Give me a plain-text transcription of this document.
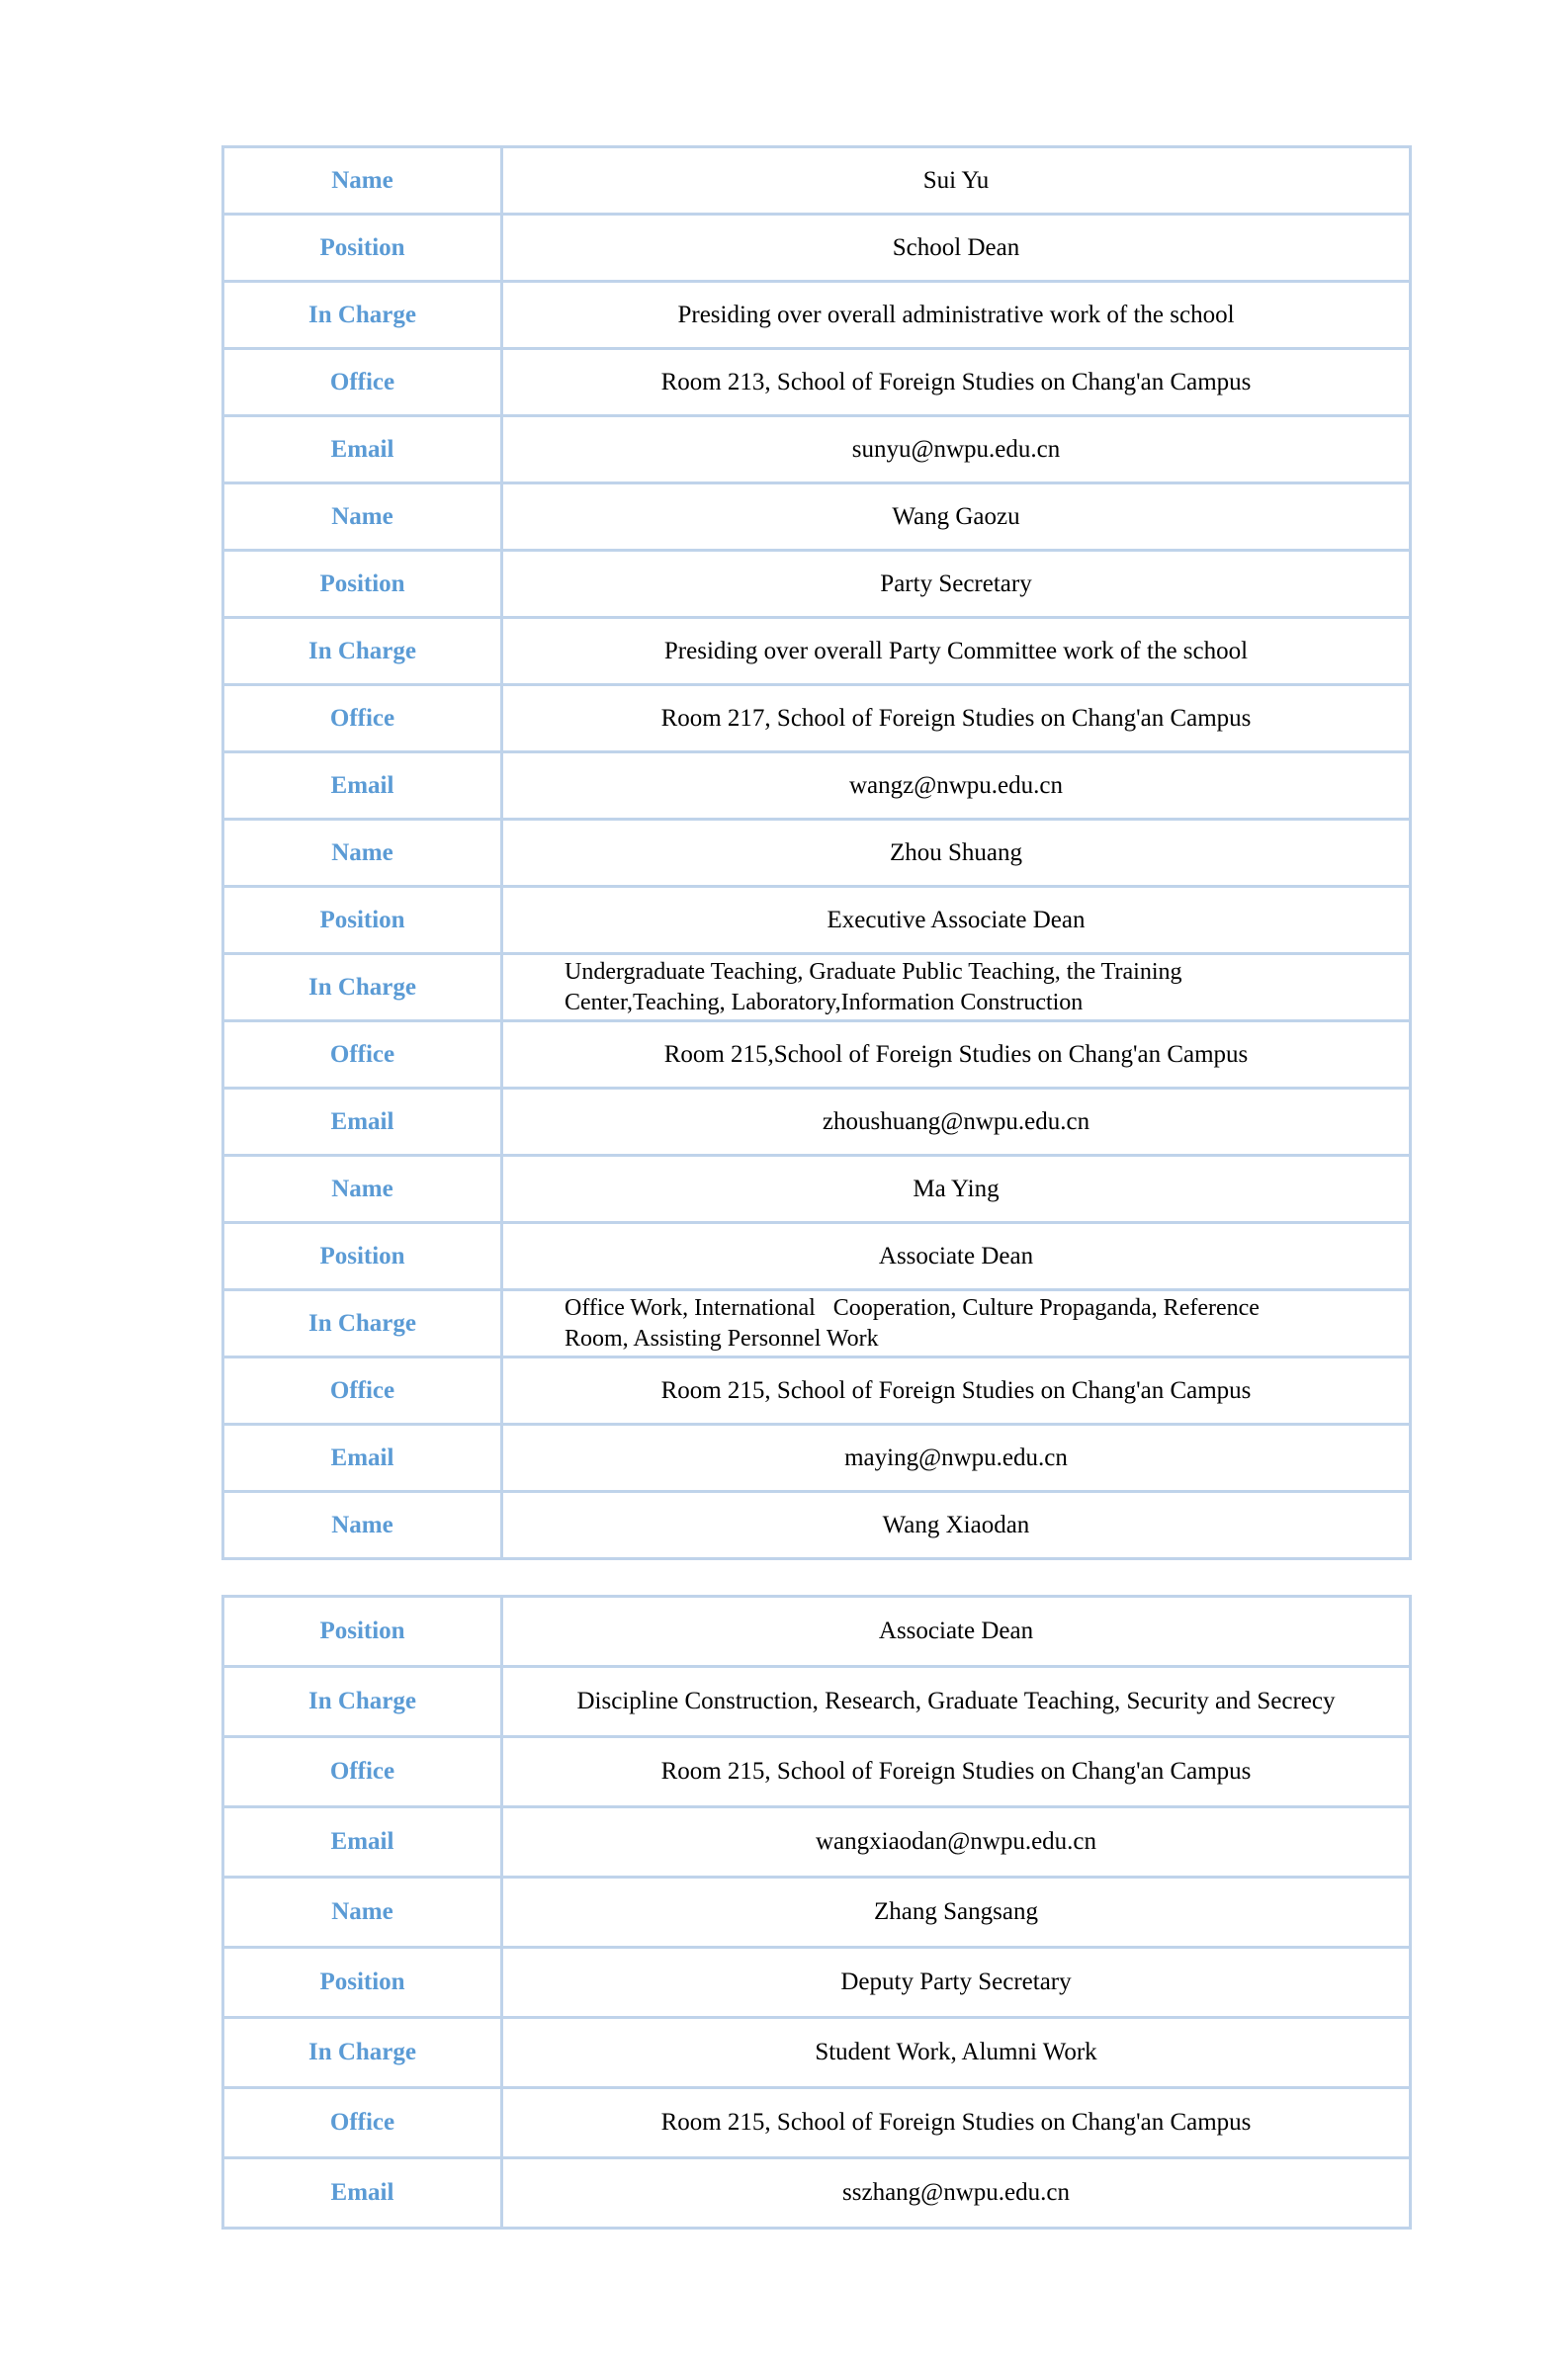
Name	Sui Yu
Position	School Dean
In Charge	Presiding over overall administrative work of the school
Office	Room 213, School of Foreign Studies on Chang'an Campus
Email	sunyu@nwpu.edu.cn
Name	Wang Gaozu
Position	Party Secretary
In Charge	Presiding over overall Party Committee work of the school
Office	Room 217, School of Foreign Studies on Chang'an Campus
Email	wangz@nwpu.edu.cn
Name	Zhou Shuang
Position	Executive Associate Dean
In Charge	Undergraduate Teaching, Graduate Public Teaching, the Training
Center,Teaching, Laboratory,Information Construction
Office	Room 215,School of Foreign Studies on Chang'an Campus
Email	zhoushuang@nwpu.edu.cn
Name	Ma Ying
Position	Associate Dean
In Charge	Office Work, International   Cooperation, Culture Propaganda, Reference
Room, Assisting Personnel Work
Office	Room 215, School of Foreign Studies on Chang'an Campus
Email	maying@nwpu.edu.cn
Name	Wang Xiaodan
Position	Associate Dean
In Charge	Discipline Construction, Research, Graduate Teaching, Security and Secrecy
Office	Room 215, School of Foreign Studies on Chang'an Campus
Email	wangxiaodan@nwpu.edu.cn
Name	Zhang Sangsang
Position	Deputy Party Secretary
In Charge	Student Work, Alumni Work
Office	Room 215, School of Foreign Studies on Chang'an Campus
Email	sszhang@nwpu.edu.cn
